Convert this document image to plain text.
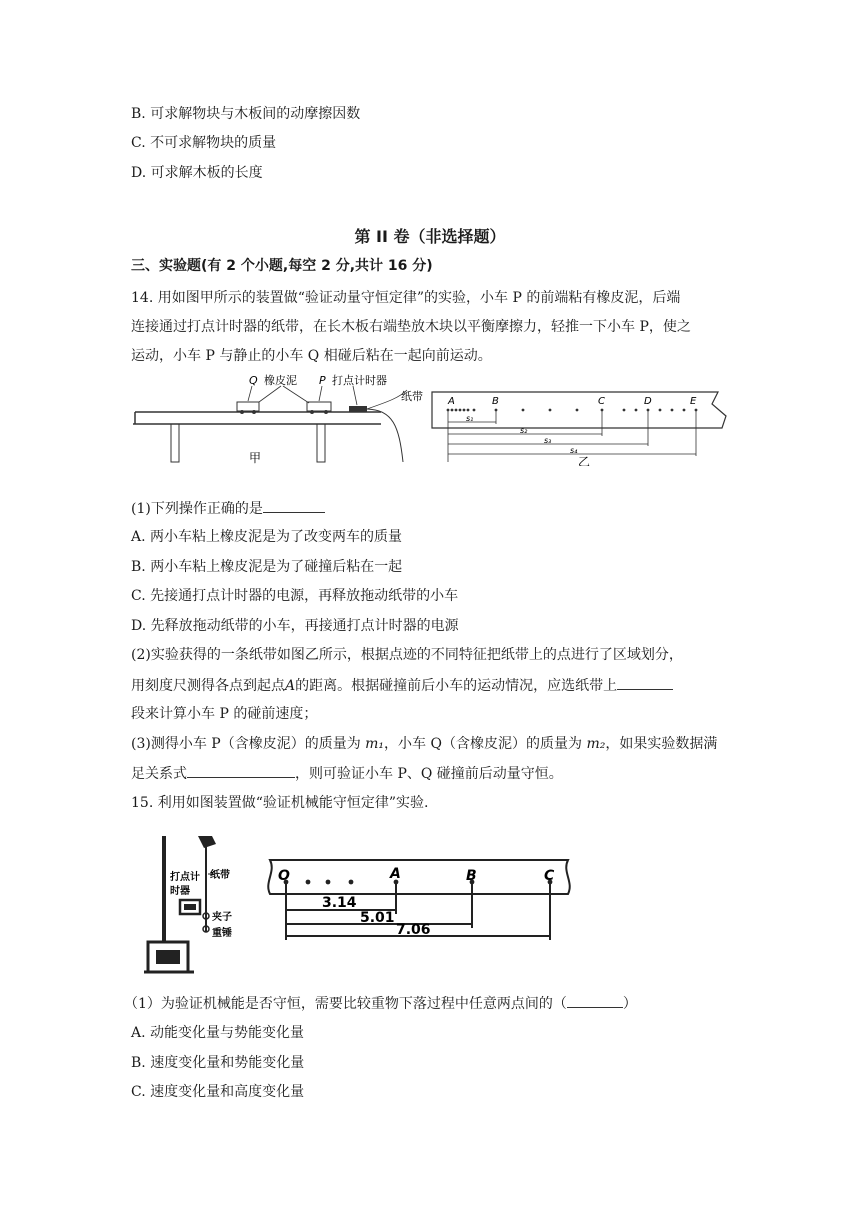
B. 可求解物块与木板间的动摩擦因数
C. 不可求解物块的质量
D. 可求解木板的长度
第 II 卷（非选择题）
三、实验题(有 2 个小题,每空 2 分,共计 16 分)
14. 用如图甲所示的装置做“验证动量守恒定律”的实验，小车 P 的前端粘有橡皮泥，后端
连接通过打点计时器的纸带，在长木板右端垫放木块以平衡摩擦力，轻推一下小车 P，使之
运动，小车 P 与静止的小车 Q 相碰后粘在一起向前运动。
Q 橡皮泥 P 打点计时器
纸带
甲
A	B	C	D	E
s₁
s₂
s₃
s₄
乙
(1)下列操作正确的是
A. 两小车粘上橡皮泥是为了改变两车的质量
B. 两小车粘上橡皮泥是为了碰撞后粘在一起
C. 先接通打点计时器的电源，再释放拖动纸带的小车
D. 先释放拖动纸带的小车，再接通打点计时器的电源
(2)实验获得的一条纸带如图乙所示，根据点迹的不同特征把纸带上的点进行了区域划分，
用刻度尺测得各点到起点A的距离。根据碰撞前后小车的运动情况，应选纸带上
段来计算小车 P 的碰前速度；
(3)测得小车 P（含橡皮泥）的质量为 m₁，小车 Q（含橡皮泥）的质量为 m₂，如果实验数据满
足关系式	，则可验证小车 P、Q 碰撞前后动量守恒。
15. 利用如图装置做“验证机械能守恒定律”实验.
打点计
时器
纸带
夹子
重锤
O	A	B	C
3.14
5.01
7.06
（1）为验证机械能是否守恒，需要比较重物下落过程中任意两点间的（	）
A. 动能变化量与势能变化量
B. 速度变化量和势能变化量
C. 速度变化量和高度变化量
